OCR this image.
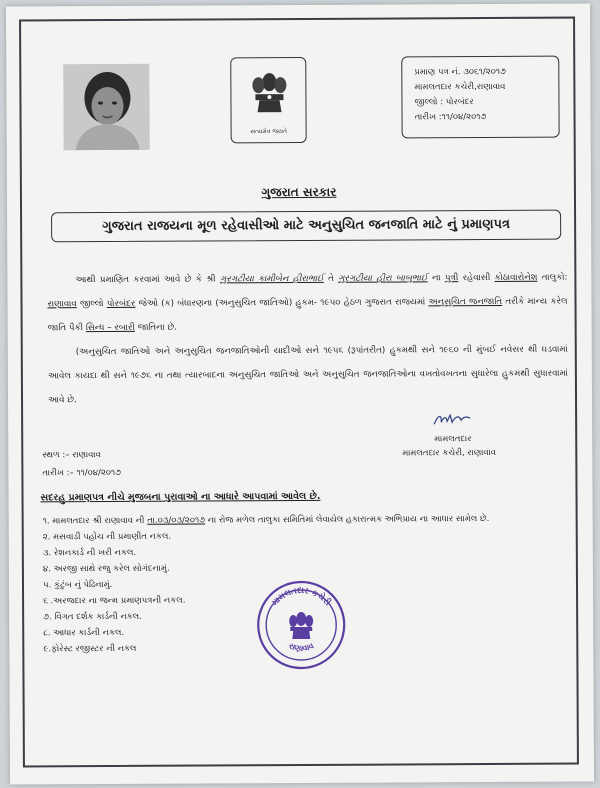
સત્યમેવ જયતે
પ્રમાણ પત્ર નં. ૩૦૬૧/૨૦૧૭
મામલતદાર કચેરી,રાણાવાવ
જીલ્લો : પોરબંદર
તારીખ :૧૧/૦૪/૨૦૧૭
ગુજરાત સરકાર
ગુજરાત રાજયના મૂળ રહેવાસીઓ માટે અનુસુચિત જનજાતિ માટે નું પ્રમાણપત્ર

આથી પ્રમાણિત કરવામાં આવે છે કે શ્રી ગુરગટીયા કામીબેન હીરાભાઈ તે ગુરગટીયા હીરા બાબુભાઈ ના પુત્રી રહેવાસી કોઠાવારોનેશ તાલુકો: રાણાવાવ જીલ્લો પોરબંદર જેઓ (ક) બંધારણના (અનુસુચિત જાતિઓ) હુકમ- ૧૯૫૦ હેઠળ ગુજરાત રાજયમાં અનુસુચિત જનજાતિ તરીકે માન્ય કરેલ જાતિ પૈકી સિન્ધ – રબારી જાતિના છે.

(અનુસુચિત જાતિઓ અને અનુસુચિત જનજાતિઓની યાદીઓ સને ૧૯૫૬ (રૂપાંતરીત) હુકમથી સને ૧૯૬૦ ની મુંબઈ નવેસર થી ઘડવામાં આવેલ કાયદા થી સને ૧૯૭૬ ના તથા ત્યારબાદના અનુસુચિત જાતિઓ અને અનુસુચિત જનજાતિઓના વખતોવખતના સુધારેલા હુકમથી સુધારવામાં આવે છે.

મામલતદાર
મામલતદાર કચેરી, રાણાવાવ
સ્થળ :– રાણાવાવ
તારીખ :– ૧૧/૦૪/૨૦૧૭
સદરહુ પ્રમાણપત્ર નીચે મુજબના પુરાવાઓ ના આધારે આપવામાં આવેલ છે.
૧. મામલતદાર શ્રી રાણાવાવ ની તા.૦૩/૦૩/૨૦૧૭ ના રોજ મળેલ તાલુકા સમિતિમાં લેવાયેલ હકારાત્મક અભિપ્રાય ના આધાર સામેલ છે.
૨. મસવાડી પહોંચ ની પ્રમાણીત નકલ.
૩. રેશનકાર્ડ ની ખરી નકલ.
૪. અરજી સાથે રજુ કરેલ સોગંદનામું.
૫. કુંટુંબ નું પેઢિનામું.
૬ .અરજદાર ના જન્મ પ્રમાણપત્રની નકલ.
૭. વિગત દર્શક કાર્ડની નકલ.
૮. આધાર કાર્ડની નકલ.
૯.ફોરેસ્ટ રજીસ્ટર ની નકલ
મામલતદાર કચેરી
રાણાવાવ
